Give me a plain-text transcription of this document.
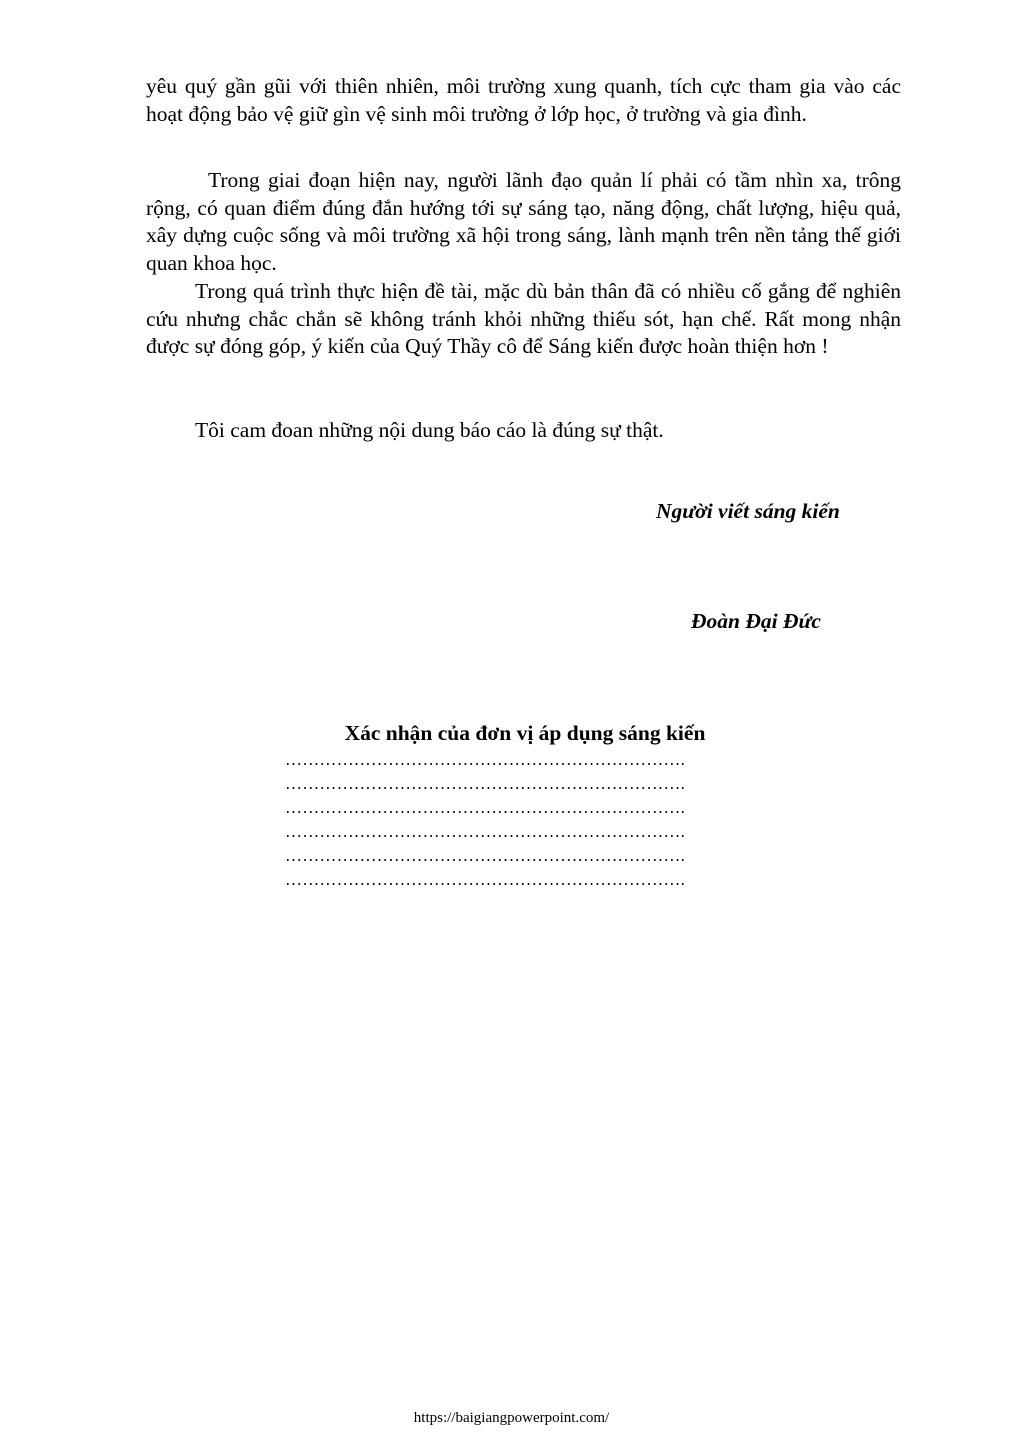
yêu quý gần gũi với thiên nhiên, môi trường xung quanh, tích cực tham gia vào các hoạt động bảo vệ giữ gìn vệ sinh môi trường ở lớp học, ở trường và gia đình.

Trong giai đoạn hiện nay, người lãnh đạo quản lí phải có tầm nhìn xa, trông rộng, có quan điểm đúng đắn hướng tới sự sáng tạo, năng động, chất lượng, hiệu quả, xây dựng cuộc sống và môi trường xã hội trong sáng, lành mạnh trên nền tảng thế giới quan khoa học.

Trong quá trình thực hiện đề tài, mặc dù bản thân đã có nhiều cố gắng để nghiên cứu nhưng chắc chắn sẽ không tránh khỏi những thiếu sót, hạn chế. Rất mong nhận được sự đóng góp, ý kiến của Quý Thầy cô để Sáng kiến được hoàn thiện hơn !

Tôi cam đoan những nội dung báo cáo là đúng sự thật.

Người viết sáng kiến
Đoàn Đại Đức
Xác nhận của đơn vị áp dụng sáng kiến
…………………………………………………………….
…………………………………………………………….
…………………………………………………………….
…………………………………………………………….
…………………………………………………………….
…………………………………………………………….
https://baigiangpowerpoint.com/
